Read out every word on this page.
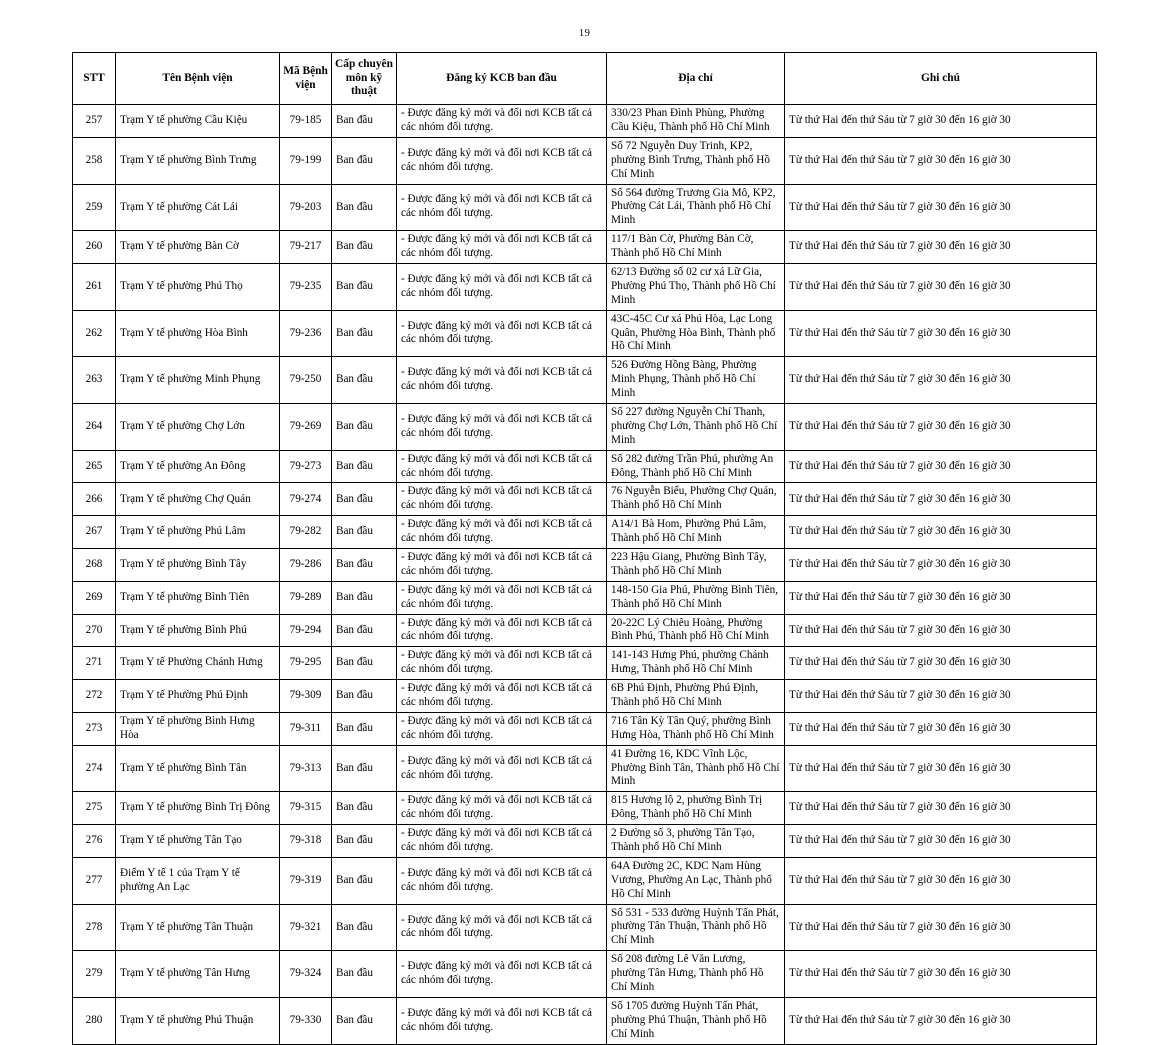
19
STT	Tên Bệnh viện	Mã Bệnh viện	Cấp chuyên môn kỹ thuật	Đăng ký KCB ban đầu	Địa chỉ	Ghi chú
257	Trạm Y tế phường Cầu Kiệu	79-185	Ban đầu	- Được đăng ký mới và đổi nơi KCB tất cả các nhóm đối tượng.	330/23 Phan Đình Phùng, Phường Cầu Kiệu, Thành phố Hồ Chí Minh	Từ thứ Hai đến thứ Sáu từ 7 giờ 30 đến 16 giờ 30
258	Trạm Y tế phường Bình Trưng	79-199	Ban đầu	- Được đăng ký mới và đổi nơi KCB tất cả các nhóm đối tượng.	Số 72 Nguyễn Duy Trinh, KP2, phường Bình Trưng, Thành phố Hồ Chí Minh	Từ thứ Hai đến thứ Sáu từ 7 giờ 30 đến 16 giờ 30
259	Trạm Y tế phường Cát Lái	79-203	Ban đầu	- Được đăng ký mới và đổi nơi KCB tất cả các nhóm đối tượng.	Số 564 đường Trương Gia Mô, KP2, Phường Cát Lái, Thành phố Hồ Chí Minh	Từ thứ Hai đến thứ Sáu từ 7 giờ 30 đến 16 giờ 30
260	Trạm Y tế phường Bàn Cờ	79-217	Ban đầu	- Được đăng ký mới và đổi nơi KCB tất cả các nhóm đối tượng.	117/1 Bàn Cờ, Phường Bàn Cờ, Thành phố Hồ Chí Minh	Từ thứ Hai đến thứ Sáu từ 7 giờ 30 đến 16 giờ 30
261	Trạm Y tế phường Phú Thọ	79-235	Ban đầu	- Được đăng ký mới và đổi nơi KCB tất cả các nhóm đối tượng.	62/13 Đường số 02 cư xá Lữ Gia, Phường Phú Thọ, Thành phố Hồ Chí Minh	Từ thứ Hai đến thứ Sáu từ 7 giờ 30 đến 16 giờ 30
262	Trạm Y tế phường Hòa Bình	79-236	Ban đầu	- Được đăng ký mới và đổi nơi KCB tất cả các nhóm đối tượng.	43C-45C Cư xá Phú Hòa, Lạc Long Quân, Phường Hòa Bình, Thành phố Hồ Chí Minh	Từ thứ Hai đến thứ Sáu từ 7 giờ 30 đến 16 giờ 30
263	Trạm Y tế phường Minh Phụng	79-250	Ban đầu	- Được đăng ký mới và đổi nơi KCB tất cả các nhóm đối tượng.	526 Đường Hồng Bàng, Phường Minh Phụng, Thành phố Hồ Chí Minh	Từ thứ Hai đến thứ Sáu từ 7 giờ 30 đến 16 giờ 30
264	Trạm Y tế phường Chợ Lớn	79-269	Ban đầu	- Được đăng ký mới và đổi nơi KCB tất cả các nhóm đối tượng.	Số 227 đường Nguyễn Chí Thanh, phường Chợ Lớn, Thành phố Hồ Chí Minh	Từ thứ Hai đến thứ Sáu từ 7 giờ 30 đến 16 giờ 30
265	Trạm Y tế phường An Đông	79-273	Ban đầu	- Được đăng ký mới và đổi nơi KCB tất cả các nhóm đối tượng.	Số 282 đường Trần Phú, phường An Đông, Thành phố Hồ Chí Minh	Từ thứ Hai đến thứ Sáu từ 7 giờ 30 đến 16 giờ 30
266	Trạm Y tế phường Chợ Quán	79-274	Ban đầu	- Được đăng ký mới và đổi nơi KCB tất cả các nhóm đối tượng.	76 Nguyễn Biểu, Phường Chợ Quán, Thành phố Hồ Chí Minh	Từ thứ Hai đến thứ Sáu từ 7 giờ 30 đến 16 giờ 30
267	Trạm Y tế phường Phú Lâm	79-282	Ban đầu	- Được đăng ký mới và đổi nơi KCB tất cả các nhóm đối tượng.	A14/1 Bà Hom, Phường Phú Lâm, Thành phố Hồ Chí Minh	Từ thứ Hai đến thứ Sáu từ 7 giờ 30 đến 16 giờ 30
268	Trạm Y tế phường Bình Tây	79-286	Ban đầu	- Được đăng ký mới và đổi nơi KCB tất cả các nhóm đối tượng.	223 Hậu Giang, Phường Bình Tây, Thành phố Hồ Chí Minh	Từ thứ Hai đến thứ Sáu từ 7 giờ 30 đến 16 giờ 30
269	Trạm Y tế phường Bình Tiên	79-289	Ban đầu	- Được đăng ký mới và đổi nơi KCB tất cả các nhóm đối tượng.	148-150 Gia Phú, Phường Bình Tiên, Thành phố Hồ Chí Minh	Từ thứ Hai đến thứ Sáu từ 7 giờ 30 đến 16 giờ 30
270	Trạm Y tế phường Bình Phú	79-294	Ban đầu	- Được đăng ký mới và đổi nơi KCB tất cả các nhóm đối tượng.	20-22C Lý Chiêu Hoàng, Phường Bình Phú, Thành phố Hồ Chí Minh	Từ thứ Hai đến thứ Sáu từ 7 giờ 30 đến 16 giờ 30
271	Trạm Y tế Phường Chánh Hưng	79-295	Ban đầu	- Được đăng ký mới và đổi nơi KCB tất cả các nhóm đối tượng.	141-143 Hưng Phú, phường Chánh Hưng, Thành phố Hồ Chí Minh	Từ thứ Hai đến thứ Sáu từ 7 giờ 30 đến 16 giờ 30
272	Trạm Y tế Phường Phú Định	79-309	Ban đầu	- Được đăng ký mới và đổi nơi KCB tất cả các nhóm đối tượng.	6B Phú Định, Phường Phú Định, Thành phố Hồ Chí Minh	Từ thứ Hai đến thứ Sáu từ 7 giờ 30 đến 16 giờ 30
273	Trạm Y tế phường Bình Hưng Hòa	79-311	Ban đầu	- Được đăng ký mới và đổi nơi KCB tất cả các nhóm đối tượng.	716 Tân Kỳ Tân Quý, phường Bình Hưng Hòa, Thành phố Hồ Chí Minh	Từ thứ Hai đến thứ Sáu từ 7 giờ 30 đến 16 giờ 30
274	Trạm Y tế phường Bình Tân	79-313	Ban đầu	- Được đăng ký mới và đổi nơi KCB tất cả các nhóm đối tượng.	41 Đường 16, KDC Vĩnh Lộc, Phường Bình Tân, Thành phố Hồ Chí Minh	Từ thứ Hai đến thứ Sáu từ 7 giờ 30 đến 16 giờ 30
275	Trạm Y tế phường Bình Trị Đông	79-315	Ban đầu	- Được đăng ký mới và đổi nơi KCB tất cả các nhóm đối tượng.	815 Hương lộ 2, phường Bình Trị Đông, Thành phố Hồ Chí Minh	Từ thứ Hai đến thứ Sáu từ 7 giờ 30 đến 16 giờ 30
276	Trạm Y tế phường Tân Tạo	79-318	Ban đầu	- Được đăng ký mới và đổi nơi KCB tất cả các nhóm đối tượng.	2 Đường số 3, phường Tân Tạo, Thành phố Hồ Chí Minh	Từ thứ Hai đến thứ Sáu từ 7 giờ 30 đến 16 giờ 30
277	Điểm Y tế 1 của Trạm Y tế phường An Lạc	79-319	Ban đầu	- Được đăng ký mới và đổi nơi KCB tất cả các nhóm đối tượng.	64A Đường 2C, KDC Nam Hùng Vương, Phường An Lạc, Thành phố Hồ Chí Minh	Từ thứ Hai đến thứ Sáu từ 7 giờ 30 đến 16 giờ 30
278	Trạm Y tế phường Tân Thuận	79-321	Ban đầu	- Được đăng ký mới và đổi nơi KCB tất cả các nhóm đối tượng.	Số 531 - 533 đường Huỳnh Tấn Phát, phường Tân Thuận, Thành phố Hồ Chí Minh	Từ thứ Hai đến thứ Sáu từ 7 giờ 30 đến 16 giờ 30
279	Trạm Y tế phường Tân Hưng	79-324	Ban đầu	- Được đăng ký mới và đổi nơi KCB tất cả các nhóm đối tượng.	Số 208 đường Lê Văn Lương, phường Tân Hưng, Thành phố Hồ Chí Minh	Từ thứ Hai đến thứ Sáu từ 7 giờ 30 đến 16 giờ 30
280	Trạm Y tế phường Phú Thuận	79-330	Ban đầu	- Được đăng ký mới và đổi nơi KCB tất cả các nhóm đối tượng.	Số 1705 đường Huỳnh Tấn Phát, phường Phú Thuận, Thành phố Hồ Chí Minh	Từ thứ Hai đến thứ Sáu từ 7 giờ 30 đến 16 giờ 30
